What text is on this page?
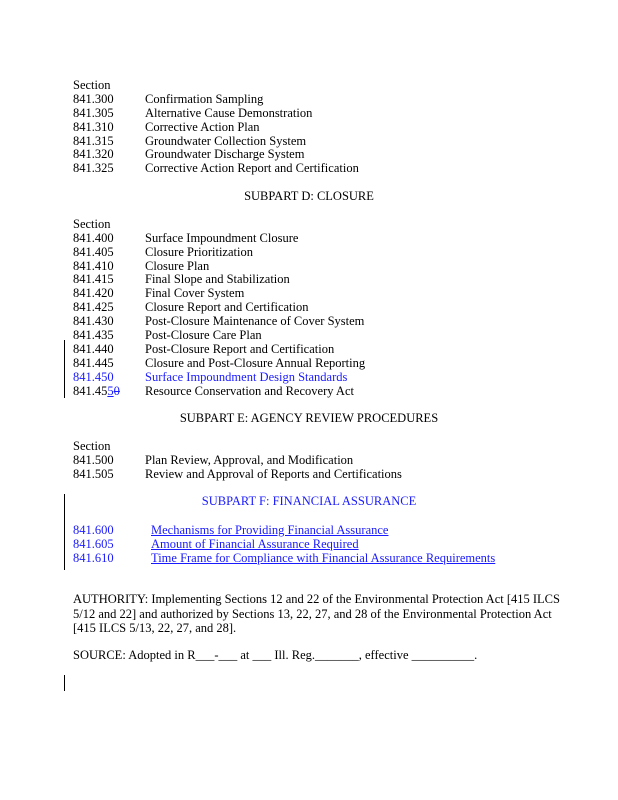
Section
841.300	Confirmation Sampling
841.305	Alternative Cause Demonstration
841.310	Corrective Action Plan
841.315	Groundwater Collection System
841.320	Groundwater Discharge System
841.325	Corrective Action Report and Certification
SUBPART D: CLOSURE
Section
841.400	Surface Impoundment Closure
841.405	Closure Prioritization
841.410	Closure Plan
841.415	Final Slope and Stabilization
841.420	Final Cover System
841.425	Closure Report and Certification
841.430	Post-Closure Maintenance of Cover System
841.435	Post-Closure Care Plan
841.440	Post-Closure Report and Certification
841.445	Closure and Post-Closure Annual Reporting
841.450	Surface Impoundment Design Standards
841.4550 Resource Conservation and Recovery Act
SUBPART E: AGENCY REVIEW PROCEDURES
Section
841.500	Plan Review, Approval, and Modification
841.505	Review and Approval of Reports and Certifications
SUBPART F: FINANCIAL ASSURANCE
841.600	Mechanisms for Providing Financial Assurance
841.605	Amount of Financial Assurance Required
841.610	Time Frame for Compliance with Financial Assurance Requirements
AUTHORITY: Implementing Sections 12 and 22 of the Environmental Protection Act [415 ILCS 5/12 and 22] and authorized by Sections 13, 22, 27, and 28 of the Environmental Protection Act [415 ILCS 5/13, 22, 27, and 28].
SOURCE: Adopted in R___-___ at ___ Ill. Reg._______, effective __________.
